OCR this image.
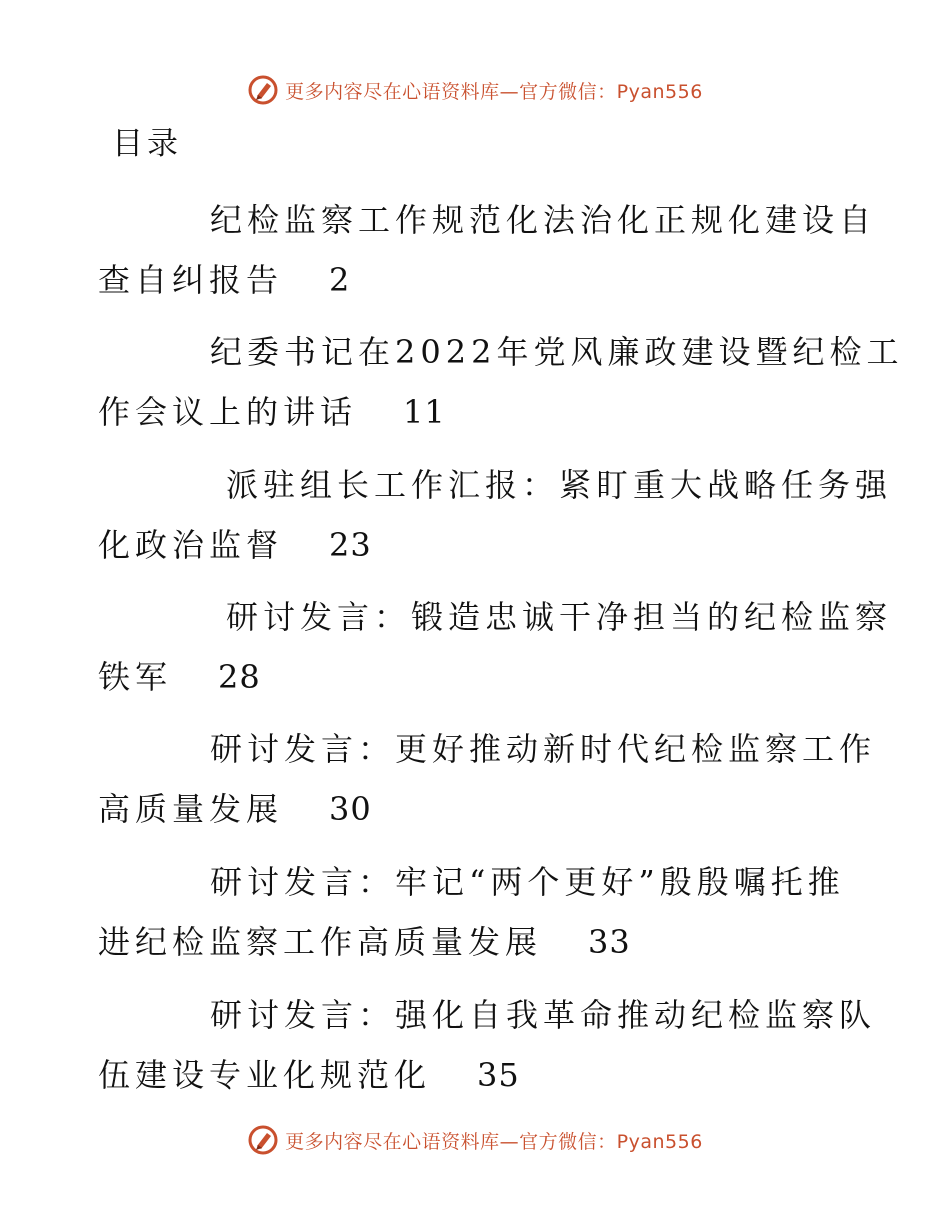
更多内容尽在心语资料库—官方微信：Pyan556
目录
纪检监察工作规范化法治化正规化建设自
查自纠报告 2
纪委书记在2022年党风廉政建设暨纪检工
作会议上的讲话 11
派驻组长工作汇报：紧盯重大战略任务强
化政治监督 23
研讨发言：锻造忠诚干净担当的纪检监察
铁军 28
研讨发言：更好推动新时代纪检监察工作
高质量发展 30
研讨发言：牢记“两个更好”殷殷嘱托推
进纪检监察工作高质量发展 33
研讨发言：强化自我革命推动纪检监察队
伍建设专业化规范化 35
更多内容尽在心语资料库—官方微信：Pyan556
